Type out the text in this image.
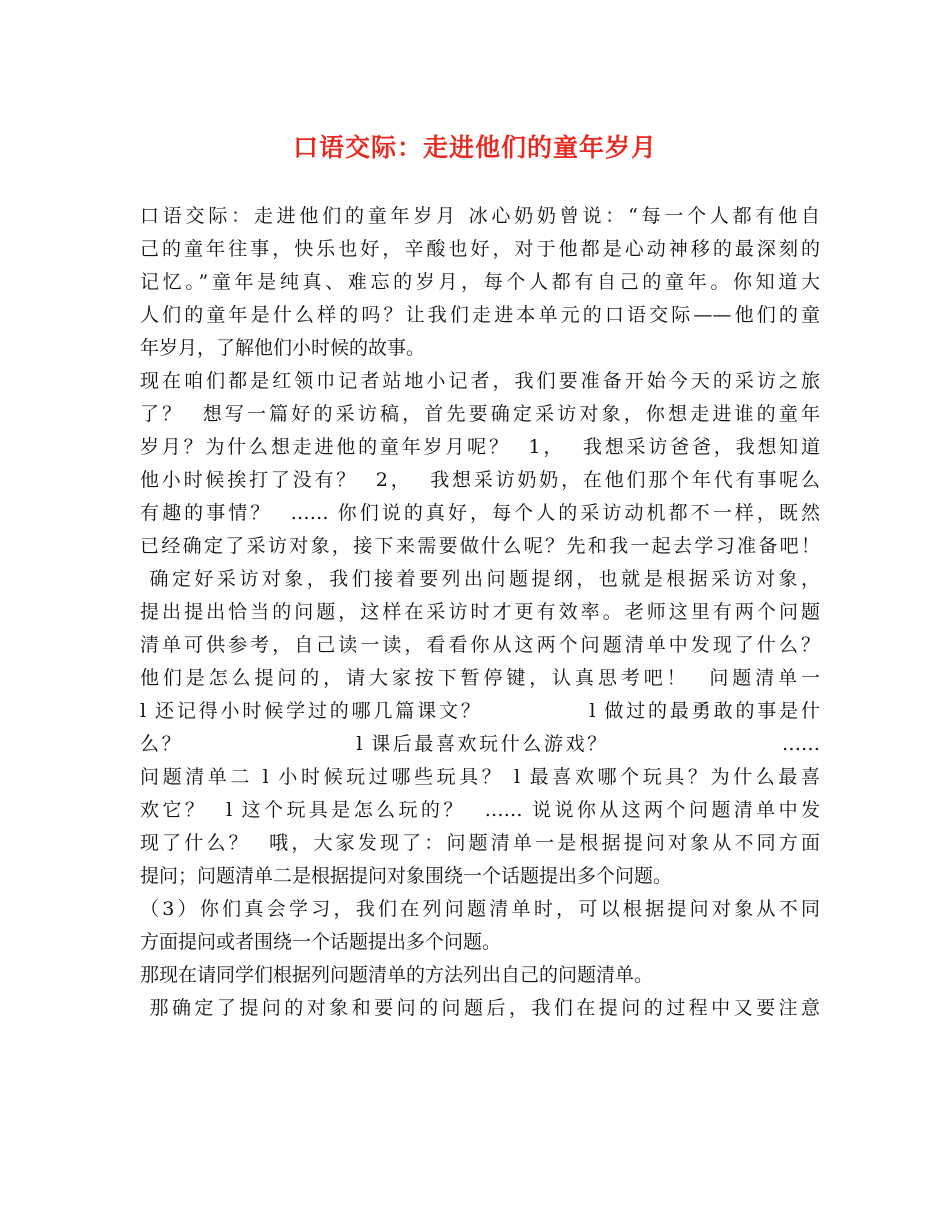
口语交际：走进他们的童年岁月
口语交际：走进他们的童年岁月 冰心奶奶曾说：“每一个人都有他自
己的童年往事，快乐也好，辛酸也好，对于他都是心动神移的最深刻的
记忆。”童年是纯真、难忘的岁月，每个人都有自己的童年。你知道大
人们的童年是什么样的吗？让我们走进本单元的口语交际——他们的童
年岁月，了解他们小时候的故事。
现在咱们都是红领巾记者站地小记者，我们要准备开始今天的采访之旅
了？  想写一篇好的采访稿，首先要确定采访对象，你想走进谁的童年
岁月？为什么想走进他的童年岁月呢？  1，  我想采访爸爸，我想知道
他小时候挨打了没有？  2，  我想采访奶奶，在他们那个年代有事呢么
有趣的事情？  …… 你们说的真好，每个人的采访动机都不一样，既然
已经确定了采访对象，接下来需要做什么呢？先和我一起去学习准备吧！
确定好采访对象，我们接着要列出问题提纲，也就是根据采访对象，
提出提出恰当的问题，这样在采访时才更有效率。老师这里有两个问题
清单可供参考，自己读一读，看看你从这两个问题清单中发现了什么？
他们是怎么提问的，请大家按下暂停键，认真思考吧！  问题清单一
l 还记得小时候学过的哪几篇课文？            l 做过的最勇敢的事是什
么？                    l 课后最喜欢玩什么游戏？                    ……
问题清单二 l 小时候玩过哪些玩具？ l 最喜欢哪个玩具？为什么最喜
欢它？  l 这个玩具是怎么玩的？  …… 说说你从这两个问题清单中发
现了什么？  哦，大家发现了：问题清单一是根据提问对象从不同方面
提问；问题清单二是根据提问对象围绕一个话题提出多个问题。
（3）你们真会学习，我们在列问题清单时，可以根据提问对象从不同
方面提问或者围绕一个话题提出多个问题。
那现在请同学们根据列问题清单的方法列出自己的问题清单。
那确定了提问的对象和要问的问题后，我们在提问的过程中又要注意
